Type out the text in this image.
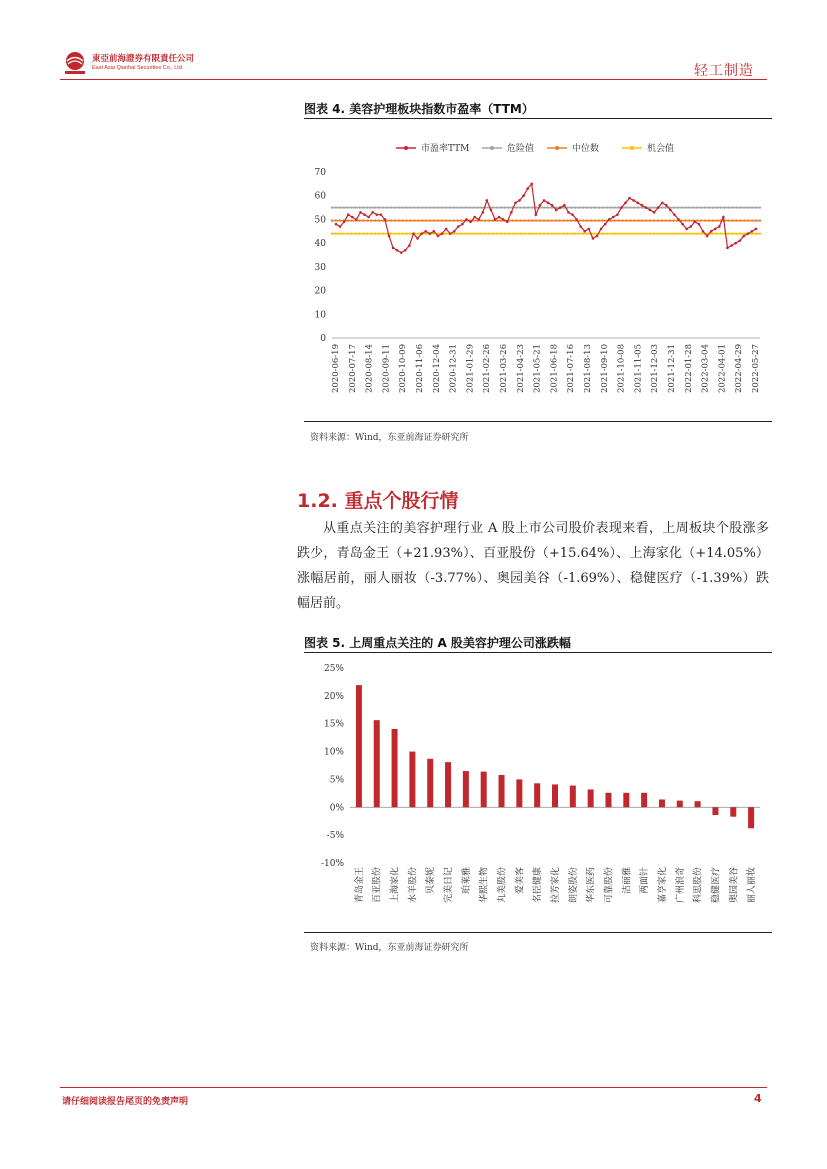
東亞前海證券有限責任公司
East Asia Qianhai Securities Co., Ltd.	轻工制造
图表 4. 美容护理板块指数市盈率（TTM）
市盈率TTM	危险值	中位数	机会值
0
10
20
30
40
50
60
70
2020-06-19 2020-07-17 2020-08-14 2020-09-11 2020-10-09 2020-11-06 2020-12-04 2020-12-31 2021-01-29 2021-02-26 2021-03-26 2021-04-23 2021-05-21 2021-06-18 2021-07-16 2021-08-13 2021-09-10 2021-10-08 2021-11-05 2021-12-03 2021-12-31 2022-01-28 2022-03-04 2022-04-01 2022-04-29 2022-05-27
资料来源：Wind，东亚前海证券研究所
1.2. 重点个股行情
从重点关注的美容护理行业 A 股上市公司股价表现来看，上周板块个股涨多跌少，青岛金王（+21.93%）、百亚股份（+15.64%）、上海家化（+14.05%）涨幅居前，丽人丽妆（-3.77%）、奥园美谷（-1.69%）、稳健医疗（-1.39%）跌幅居前。
图表 5. 上周重点关注的 A 股美容护理公司涨跌幅
25%
20%
15%
10%
5%
0%
-5%
-10%
青岛金王 百亚股份 上海家化 水羊股份 贝泰妮 完美日记 珀莱雅 华熙生物 丸美股份 爱美客 名臣健康 拉芳家化 朗姿股份 华东医药 可靠股份 洁丽雅 两面针 嘉亨家化 广州浪奇 科思股份 稳健医疗 奥园美谷 丽人丽妆
资料来源：Wind，东亚前海证券研究所
请仔细阅读报告尾页的免责声明	4
